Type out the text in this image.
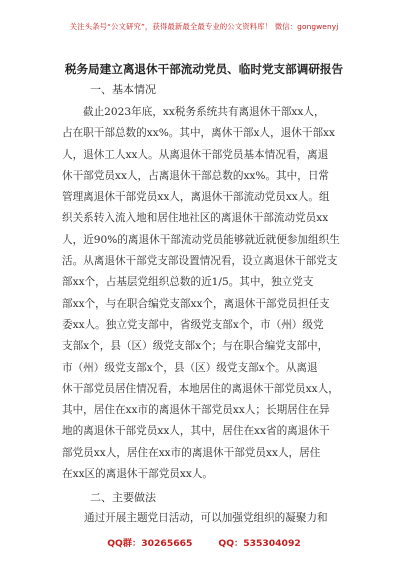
关注头条号“公文研究”，获得最新最全最专业的公文资料库！ 微信：gongwenyj
税务局建立离退休干部流动党员、临时党支部调研报告
一、基本情况
截止2023年底，xx税务系统共有离退休干部xx人，
占在职干部总数的xx%。其中，离休干部x人，退休干部xx
人，退休工人xx人。从离退休干部党员基本情况看，离退
休干部党员xx人，占离退休干部总数的xx%。其中，日常
管理离退休干部党员xx人，离退休干部流动党员xx人。组
织关系转入流入地和居住地社区的离退休干部流动党员xx
人，近90%的离退休干部流动党员能够就近就便参加组织生
活。从离退休干部党支部设置情况看，设立离退休干部党支
部xx个，占基层党组织总数的近1/5。其中，独立党支
部xx个，与在职合编党支部xx个，离退休干部党员担任支
委xx人。独立党支部中，省级党支部x个，市（州）级党
支部x个，县（区）级党支部x个；与在职合编党支部中，
市（州）级党支部x个，县（区）级党支部x个。从离退
休干部党员居住情况看，本地居住的离退休干部党员xx人，
其中，居住在xx市的离退休干部党员xx人；长期居住在异
地的离退休干部党员xx人，其中，居住在xx省的离退休干
部党员xx人，居住在xx市的离退休干部党员xx人，居住
在xx区的离退休干部党员xx人。
二、主要做法
通过开展主题党日活动，可以加强党组织的凝聚力和
QQ群：30265665	QQ：535304092
